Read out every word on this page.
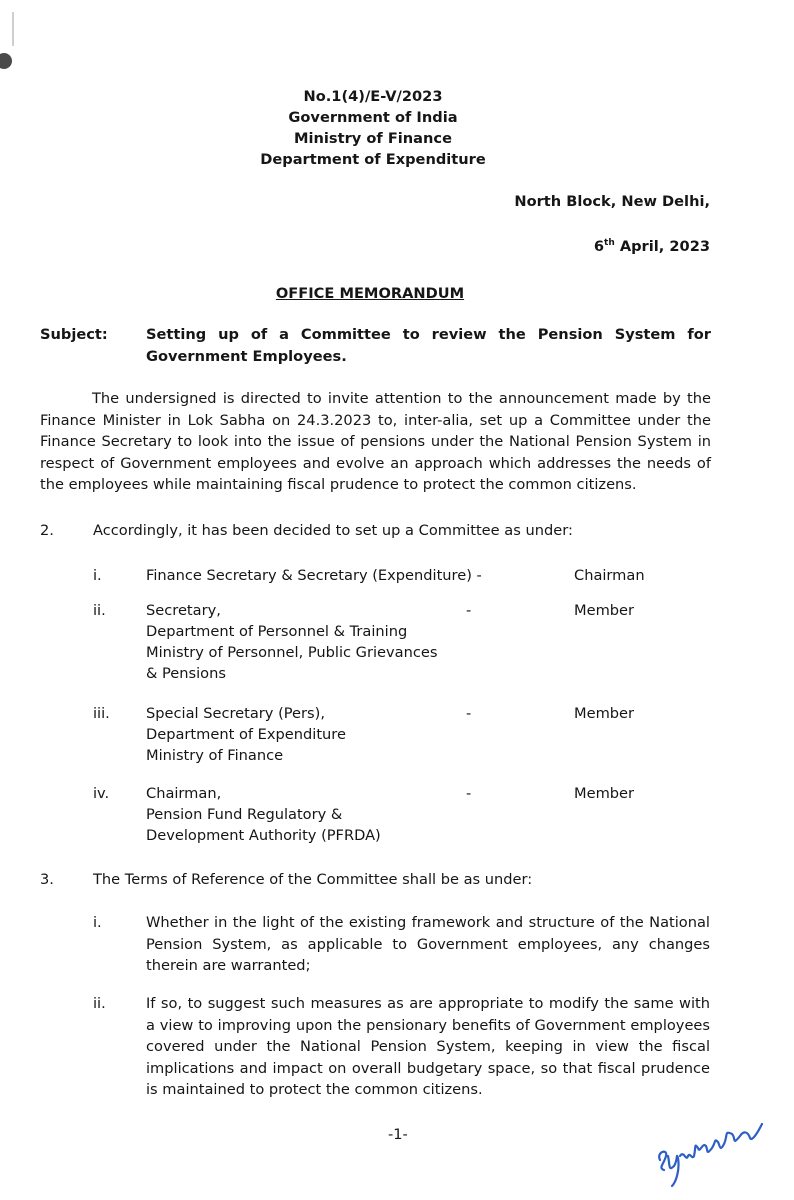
No.1(4)/E-V/2023
Government of India
Ministry of Finance
Department of Expenditure
North Block, New Delhi,
6th April, 2023
OFFICE MEMORANDUM
Subject:	Setting up of a Committee to review the Pension System for Government Employees.
The undersigned is directed to invite attention to the announcement made by the Finance Minister in Lok Sabha on 24.3.2023 to, inter-alia, set up a Committee under the Finance Secretary to look into the issue of pensions under the National Pension System in respect of Government employees and evolve an approach which addresses the needs of the employees while maintaining fiscal prudence to protect the common citizens.
2.	Accordingly, it has been decided to set up a Committee as under:
i.	Finance Secretary & Secretary (Expenditure) -	Chairman
ii.	Secretary,
Department of Personnel & Training
Ministry of Personnel, Public Grievances
& Pensions
-	Member
iii. Special Secretary (Pers),
Department of Expenditure
Ministry of Finance
-	Member
iv.	Chairman,
Pension Fund Regulatory &
Development Authority (PFRDA)
-	Member
3.	The Terms of Reference of the Committee shall be as under:
i.	Whether in the light of the existing framework and structure of the National Pension System, as applicable to Government employees, any changes therein are warranted;
ii.	If so, to suggest such measures as are appropriate to modify the same with a view to improving upon the pensionary benefits of Government employees covered under the National Pension System, keeping in view the fiscal implications and impact on overall budgetary space, so that fiscal prudence is maintained to protect the common citizens.
-1-
